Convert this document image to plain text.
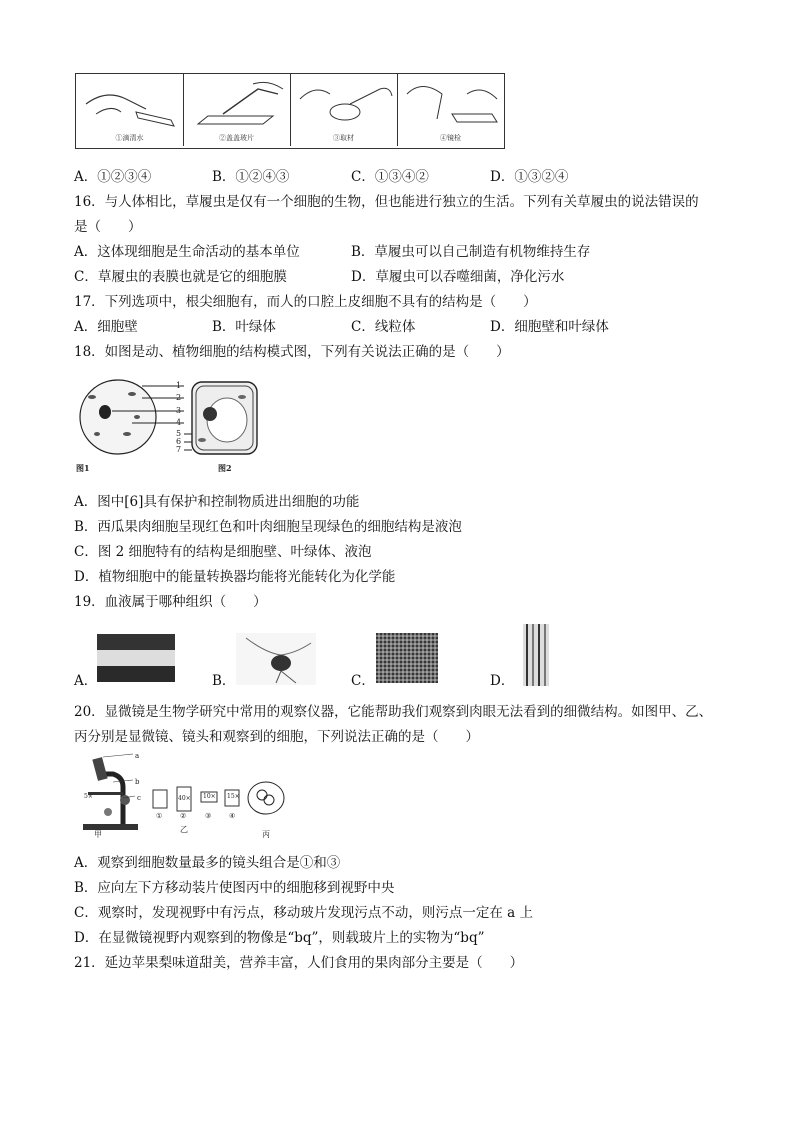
①滴清水	②盖盖玻片	③取材	④镜检
A．①②③④	B．①②④③	C．①③④②	D．①③②④
16．与人体相比，草履虫是仅有一个细胞的生物，但也能进行独立的生活。下列有关草履虫的说法错误的
是（　　）
A．这体现细胞是生命活动的基本单位	B．草履虫可以自己制造有机物维持生存
C．草履虫的表膜也就是它的细胞膜	D．草履虫可以吞噬细菌，净化污水
17．下列选项中，根尖细胞有，而人的口腔上皮细胞不具有的结构是（　　）
A．细胞壁	B．叶绿体	C．线粒体	D．细胞壁和叶绿体
18．如图是动、植物细胞的结构模式图，下列有关说法正确的是（　　）
1
2
3
4
5
6
7
图1	图2
A．图中[6]具有保护和控制物质进出细胞的功能
B．西瓜果肉细胞呈现红色和叶肉细胞呈现绿色的细胞结构是液泡
C．图 2 细胞特有的结构是细胞壁、叶绿体、液泡
D．植物细胞中的能量转换器均能将光能转化为化学能
19．血液属于哪种组织（　　）
A．	B．	C．	D．
20．显微镜是生物学研究中常用的观察仪器，它能帮助我们观察到肉眼无法看到的细微结构。如图甲、乙、
丙分别是显微镜、镜头和观察到的细胞，下列说法正确的是（　　）
5×	40× 10× 15×
①	②	③	④
a
b
c
甲
乙
丙
A．观察到细胞数量最多的镜头组合是①和③
B．应向左下方移动装片使图丙中的细胞移到视野中央
C．观察时，发现视野中有污点，移动玻片发现污点不动，则污点一定在 a 上
D．在显微镜视野内观察到的物像是“bq”，则载玻片上的实物为“bq”
21．延边苹果梨味道甜美，营养丰富，人们食用的果肉部分主要是（　　）
